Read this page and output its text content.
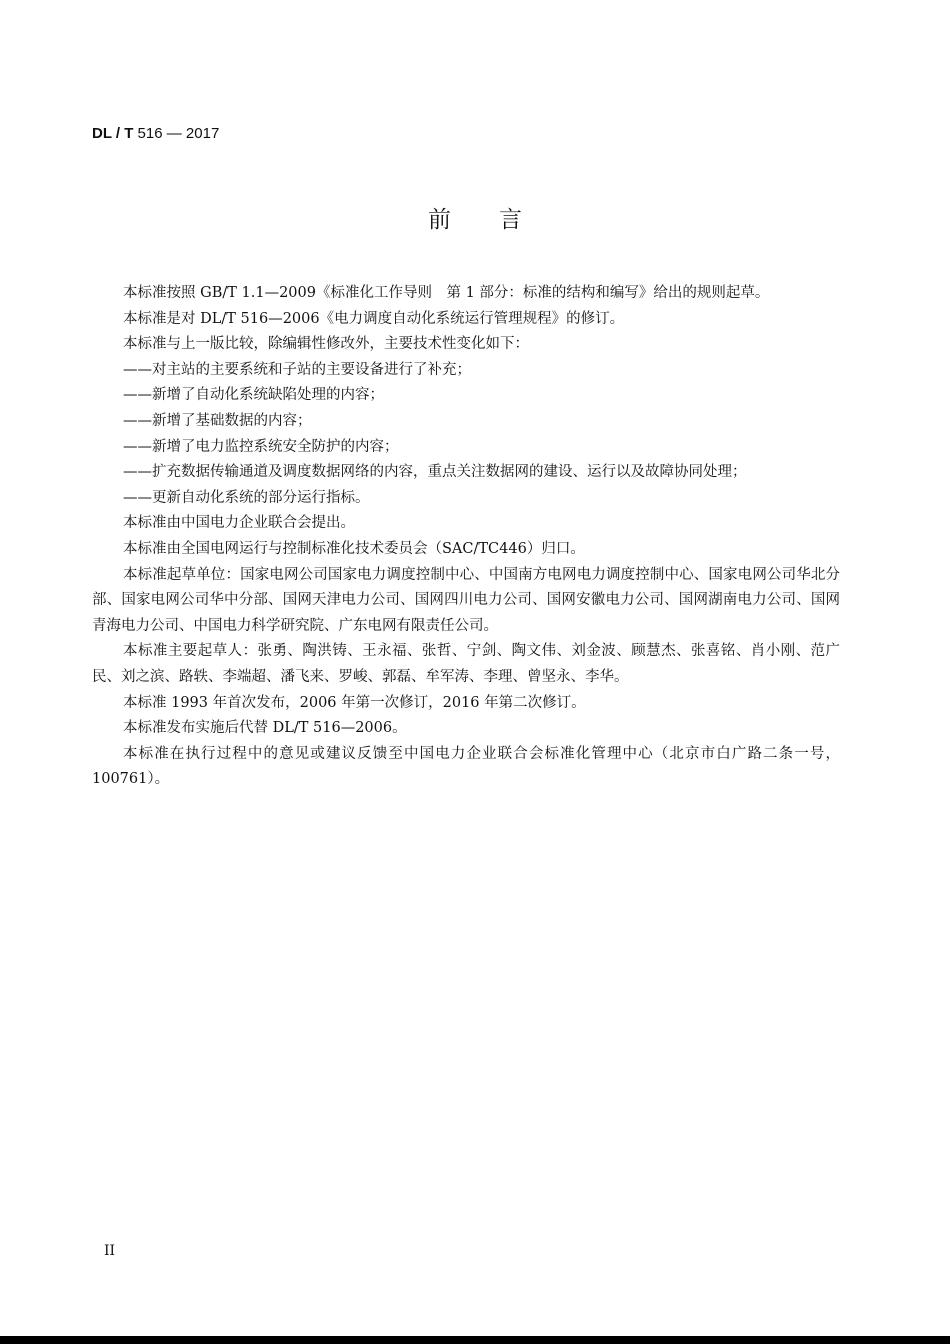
DL / T 516 — 2017
前言

本标准按照 GB/T 1.1—2009《标准化工作导则　第 1 部分：标准的结构和编写》给出的规则起草。

本标准是对 DL/T 516—2006《电力调度自动化系统运行管理规程》的修订。

本标准与上一版比较，除编辑性修改外，主要技术性变化如下：

——对主站的主要系统和子站的主要设备进行了补充；

——新增了自动化系统缺陷处理的内容；

——新增了基础数据的内容；

——新增了电力监控系统安全防护的内容；

——扩充数据传输通道及调度数据网络的内容，重点关注数据网的建设、运行以及故障协同处理；

——更新自动化系统的部分运行指标。

本标准由中国电力企业联合会提出。

本标准由全国电网运行与控制标准化技术委员会（SAC/TC446）归口。

本标准起草单位：国家电网公司国家电力调度控制中心、中国南方电网电力调度控制中心、国家电网公司华北分部、国家电网公司华中分部、国网天津电力公司、国网四川电力公司、国网安徽电力公司、国网湖南电力公司、国网青海电力公司、中国电力科学研究院、广东电网有限责任公司。

本标准主要起草人：张勇、陶洪铸、王永福、张哲、宁剑、陶文伟、刘金波、顾慧杰、张喜铭、肖小刚、范广民、刘之滨、路轶、李端超、潘飞来、罗峻、郭磊、牟军涛、李理、曾坚永、李华。

本标准 1993 年首次发布，2006 年第一次修订，2016 年第二次修订。

本标准发布实施后代替 DL/T 516—2006。

本标准在执行过程中的意见或建议反馈至中国电力企业联合会标准化管理中心（北京市白广路二条一号，100761）。

II
